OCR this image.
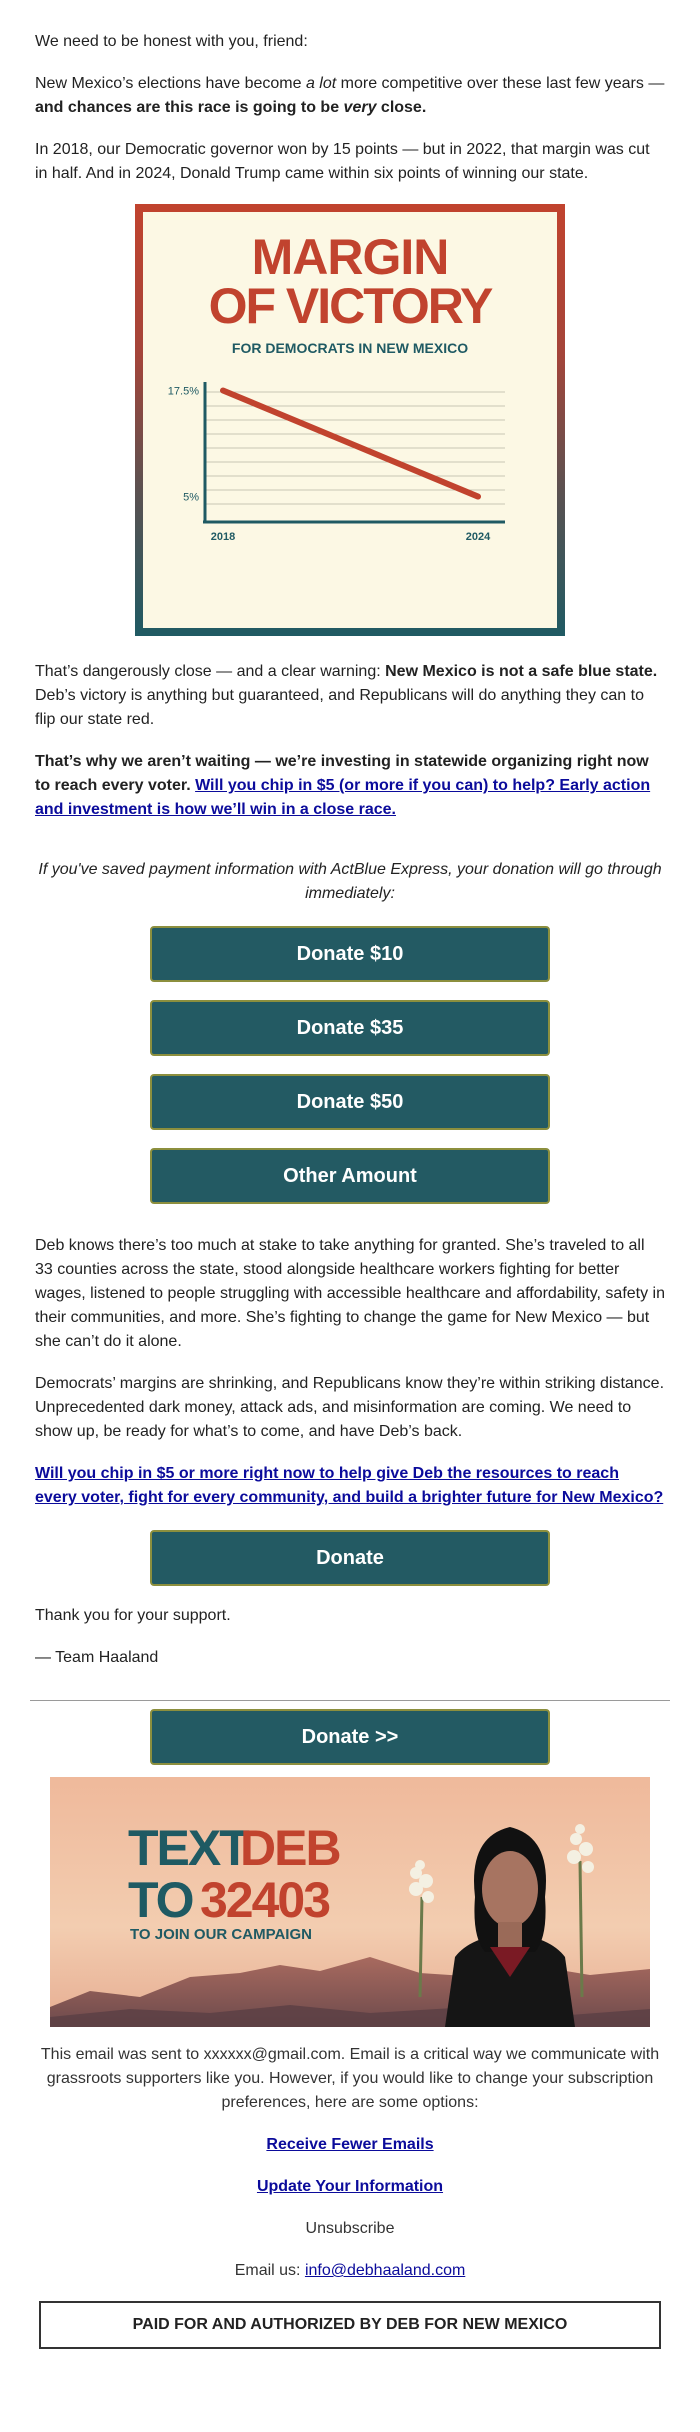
We need to be honest with you, friend:

New Mexico’s elections have become a lot more competitive over these last few years — and chances are this race is going to be very close.

In 2018, our Democratic governor won by 15 points — but in 2022, that margin was cut in half. And in 2024, Donald Trump came within six points of winning our state.

MARGIN
OF VICTORY
FOR DEMOCRATS IN NEW MEXICO
17.5%
5%
2018	2024

That’s dangerously close — and a clear warning: New Mexico is not a safe blue state. Deb’s victory is anything but guaranteed, and Republicans will do anything they can to flip our state red.

That’s why we aren’t waiting — we’re investing in statewide organizing right now to reach every voter. Will you chip in $5 (or more if you can) to help? Early action and investment is how we’ll win in a close race.

If you've saved payment information with ActBlue Express, your donation will go through immediately:

Donate $10
Donate $35
Donate $50
Other Amount

Deb knows there’s too much at stake to take anything for granted. She’s traveled to all 33 counties across the state, stood alongside healthcare workers fighting for better wages, listened to people struggling with accessible healthcare and affordability, safety in their communities, and more. She’s fighting to change the game for New Mexico — but she can’t do it alone.

Democrats’ margins are shrinking, and Republicans know they’re within striking distance. Unprecedented dark money, attack ads, and misinformation are coming. We need to show up, be ready for what’s to come, and have Deb’s back.

Will you chip in $5 or more right now to help give Deb the resources to reach every voter, fight for every community, and build a brighter future for New Mexico?

Donate

Thank you for your support.

— Team Haaland

Donate >>
TEXT
DEB
TO 32403
TO JOIN OUR CAMPAIGN

This email was sent to xxxxxx@gmail.com. Email is a critical way we communicate with grassroots supporters like you. However, if you would like to change your subscription preferences, here are some options:

Receive Fewer Emails

Update Your Information

Unsubscribe

Email us: info@debhaaland.com

PAID FOR AND AUTHORIZED BY DEB FOR NEW MEXICO
